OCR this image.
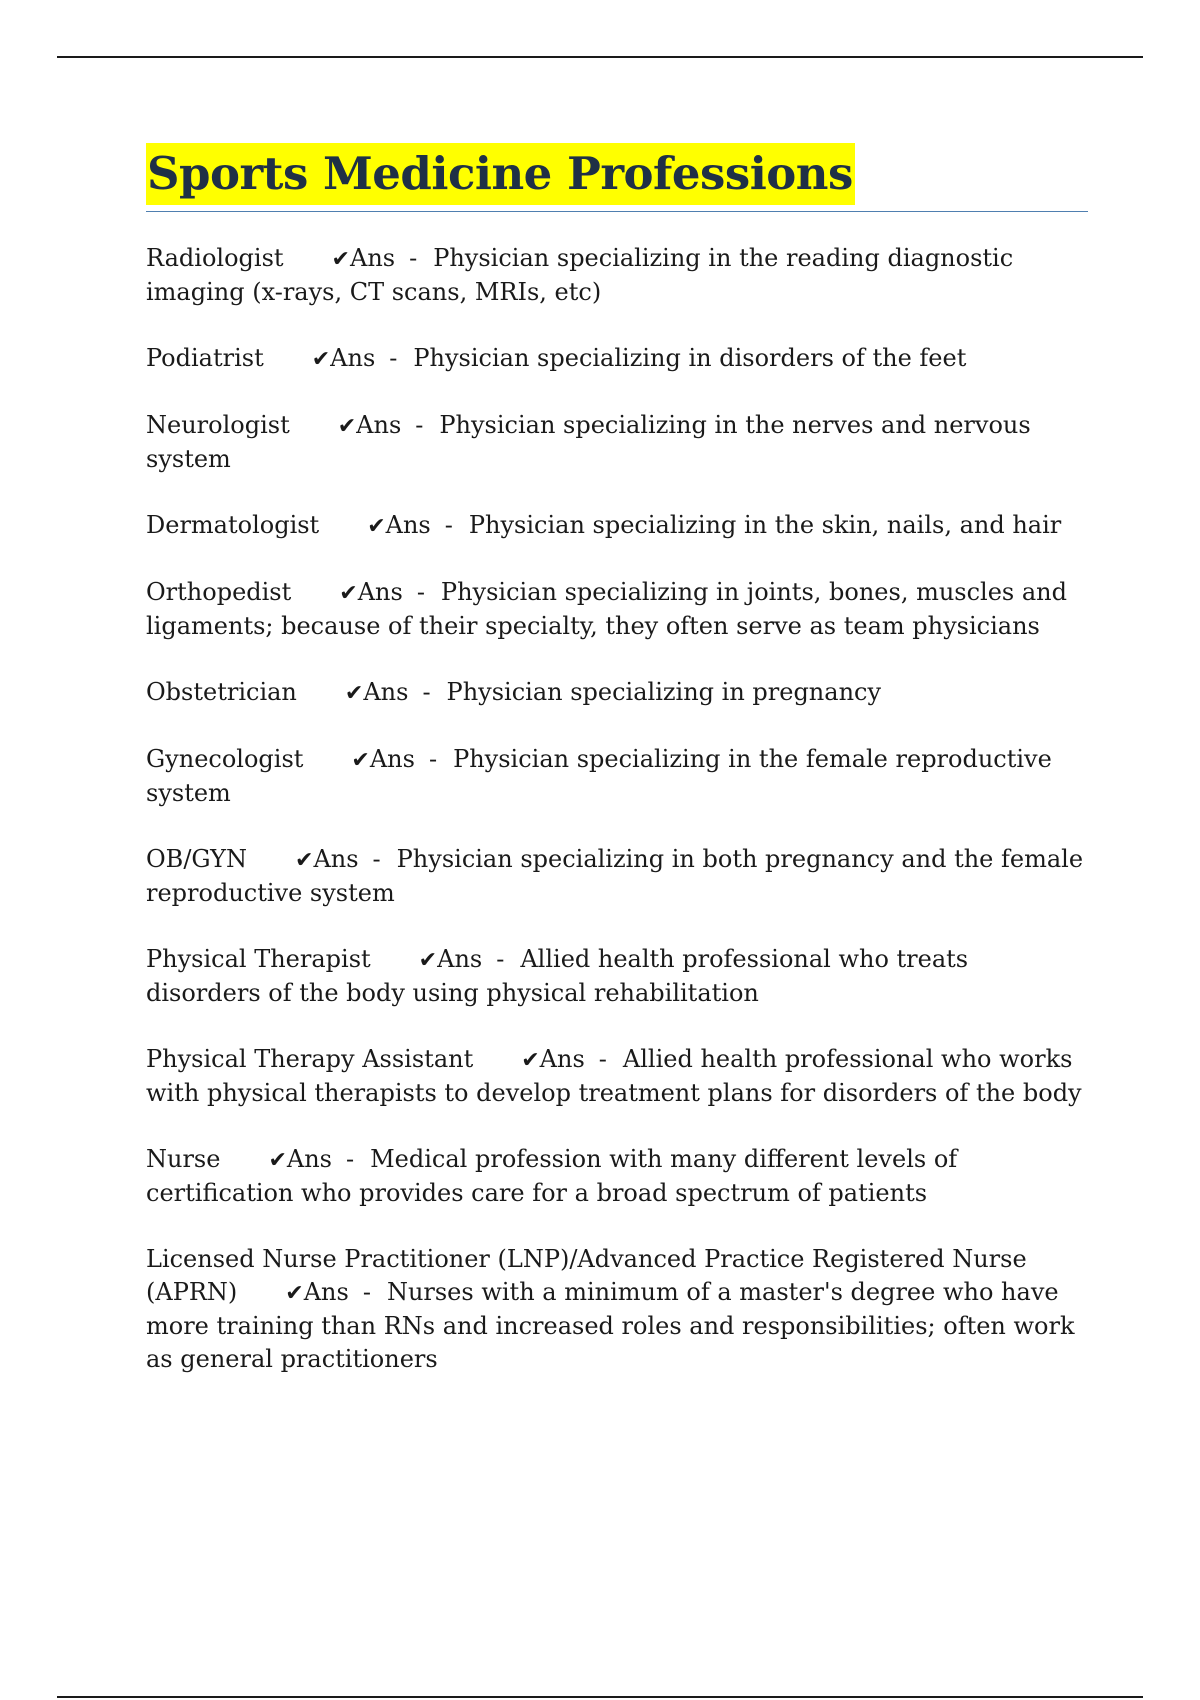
Sports Medicine Professions
Radiologist ✔Ans - Physician specializing in the reading diagnostic imaging (x-rays, CT scans, MRIs, etc)
Podiatrist ✔Ans - Physician specializing in disorders of the feet
Neurologist ✔Ans - Physician specializing in the nerves and nervous system
Dermatologist ✔Ans - Physician specializing in the skin, nails, and hair
Orthopedist ✔Ans - Physician specializing in joints, bones, muscles and ligaments; because of their specialty, they often serve as team physicians
Obstetrician ✔Ans - Physician specializing in pregnancy
Gynecologist ✔Ans - Physician specializing in the female reproductive system
OB/GYN ✔Ans - Physician specializing in both pregnancy and the female reproductive system
Physical Therapist ✔Ans - Allied health professional who treats disorders of the body using physical rehabilitation
Physical Therapy Assistant ✔Ans - Allied health professional who works with physical therapists to develop treatment plans for disorders of the body
Nurse ✔Ans - Medical profession with many different levels of certification who provides care for a broad spectrum of patients
Licensed Nurse Practitioner (LNP)/Advanced Practice Registered Nurse (APRN) ✔Ans - Nurses with a minimum of a master's degree who have more training than RNs and increased roles and responsibilities; often work as general practitioners
